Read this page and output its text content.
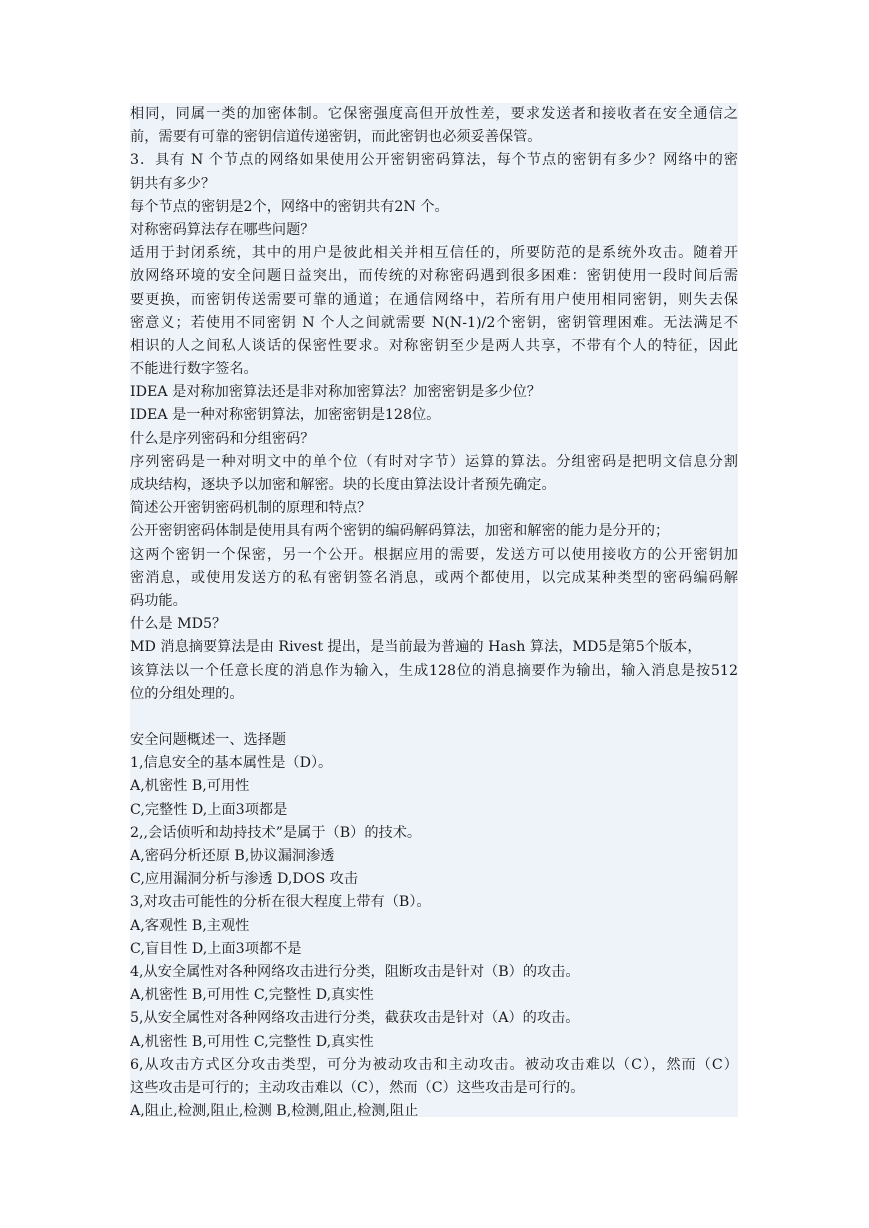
相同，同属一类的加密体制。它保密强度高但开放性差，要求发送者和接收者在安全通信之
前，需要有可靠的密钥信道传递密钥，而此密钥也必须妥善保管。
3．具有 N 个节点的网络如果使用公开密钥密码算法，每个节点的密钥有多少？网络中的密
钥共有多少？
每个节点的密钥是2个，网络中的密钥共有2N 个。
对称密码算法存在哪些问题？
适用于封闭系统，其中的用户是彼此相关并相互信任的，所要防范的是系统外攻击。随着开
放网络环境的安全问题日益突出，而传统的对称密码遇到很多困难：密钥使用一段时间后需
要更换，而密钥传送需要可靠的通道；在通信网络中，若所有用户使用相同密钥，则失去保
密意义；若使用不同密钥 N 个人之间就需要 N(N-1)/2个密钥，密钥管理困难。无法满足不
相识的人之间私人谈话的保密性要求。对称密钥至少是两人共享，不带有个人的特征，因此
不能进行数字签名。
IDEA 是对称加密算法还是非对称加密算法？加密密钥是多少位？
IDEA 是一种对称密钥算法，加密密钥是128位。
什么是序列密码和分组密码？
序列密码是一种对明文中的单个位（有时对字节）运算的算法。分组密码是把明文信息分割
成块结构，逐块予以加密和解密。块的长度由算法设计者预先确定。
简述公开密钥密码机制的原理和特点？
公开密钥密码体制是使用具有两个密钥的编码解码算法，加密和解密的能力是分开的；
这两个密钥一个保密，另一个公开。根据应用的需要，发送方可以使用接收方的公开密钥加
密消息，或使用发送方的私有密钥签名消息，或两个都使用，以完成某种类型的密码编码解
码功能。
什么是 MD5？
MD 消息摘要算法是由 Rivest 提出，是当前最为普遍的 Hash 算法，MD5是第5个版本，
该算法以一个任意长度的消息作为输入，生成128位的消息摘要作为输出，输入消息是按512
位的分组处理的。
安全问题概述一、选择题
1,信息安全的基本属性是（D）。
A,机密性 B,可用性
C,完整性 D,上面3项都是
2,,会话侦听和劫持技术”是属于（B）的技术。
A,密码分析还原 B,协议漏洞渗透
C,应用漏洞分析与渗透 D,DOS 攻击
3,对攻击可能性的分析在很大程度上带有（B）。
A,客观性 B,主观性
C,盲目性 D,上面3项都不是
4,从安全属性对各种网络攻击进行分类，阻断攻击是针对（B）的攻击。
A,机密性 B,可用性 C,完整性 D,真实性
5,从安全属性对各种网络攻击进行分类，截获攻击是针对（A）的攻击。
A,机密性 B,可用性 C,完整性 D,真实性
6,从攻击方式区分攻击类型，可分为被动攻击和主动攻击。被动攻击难以（C），然而（C）
这些攻击是可行的；主动攻击难以（C），然而（C）这些攻击是可行的。
A,阻止,检测,阻止,检测 B,检测,阻止,检测,阻止
